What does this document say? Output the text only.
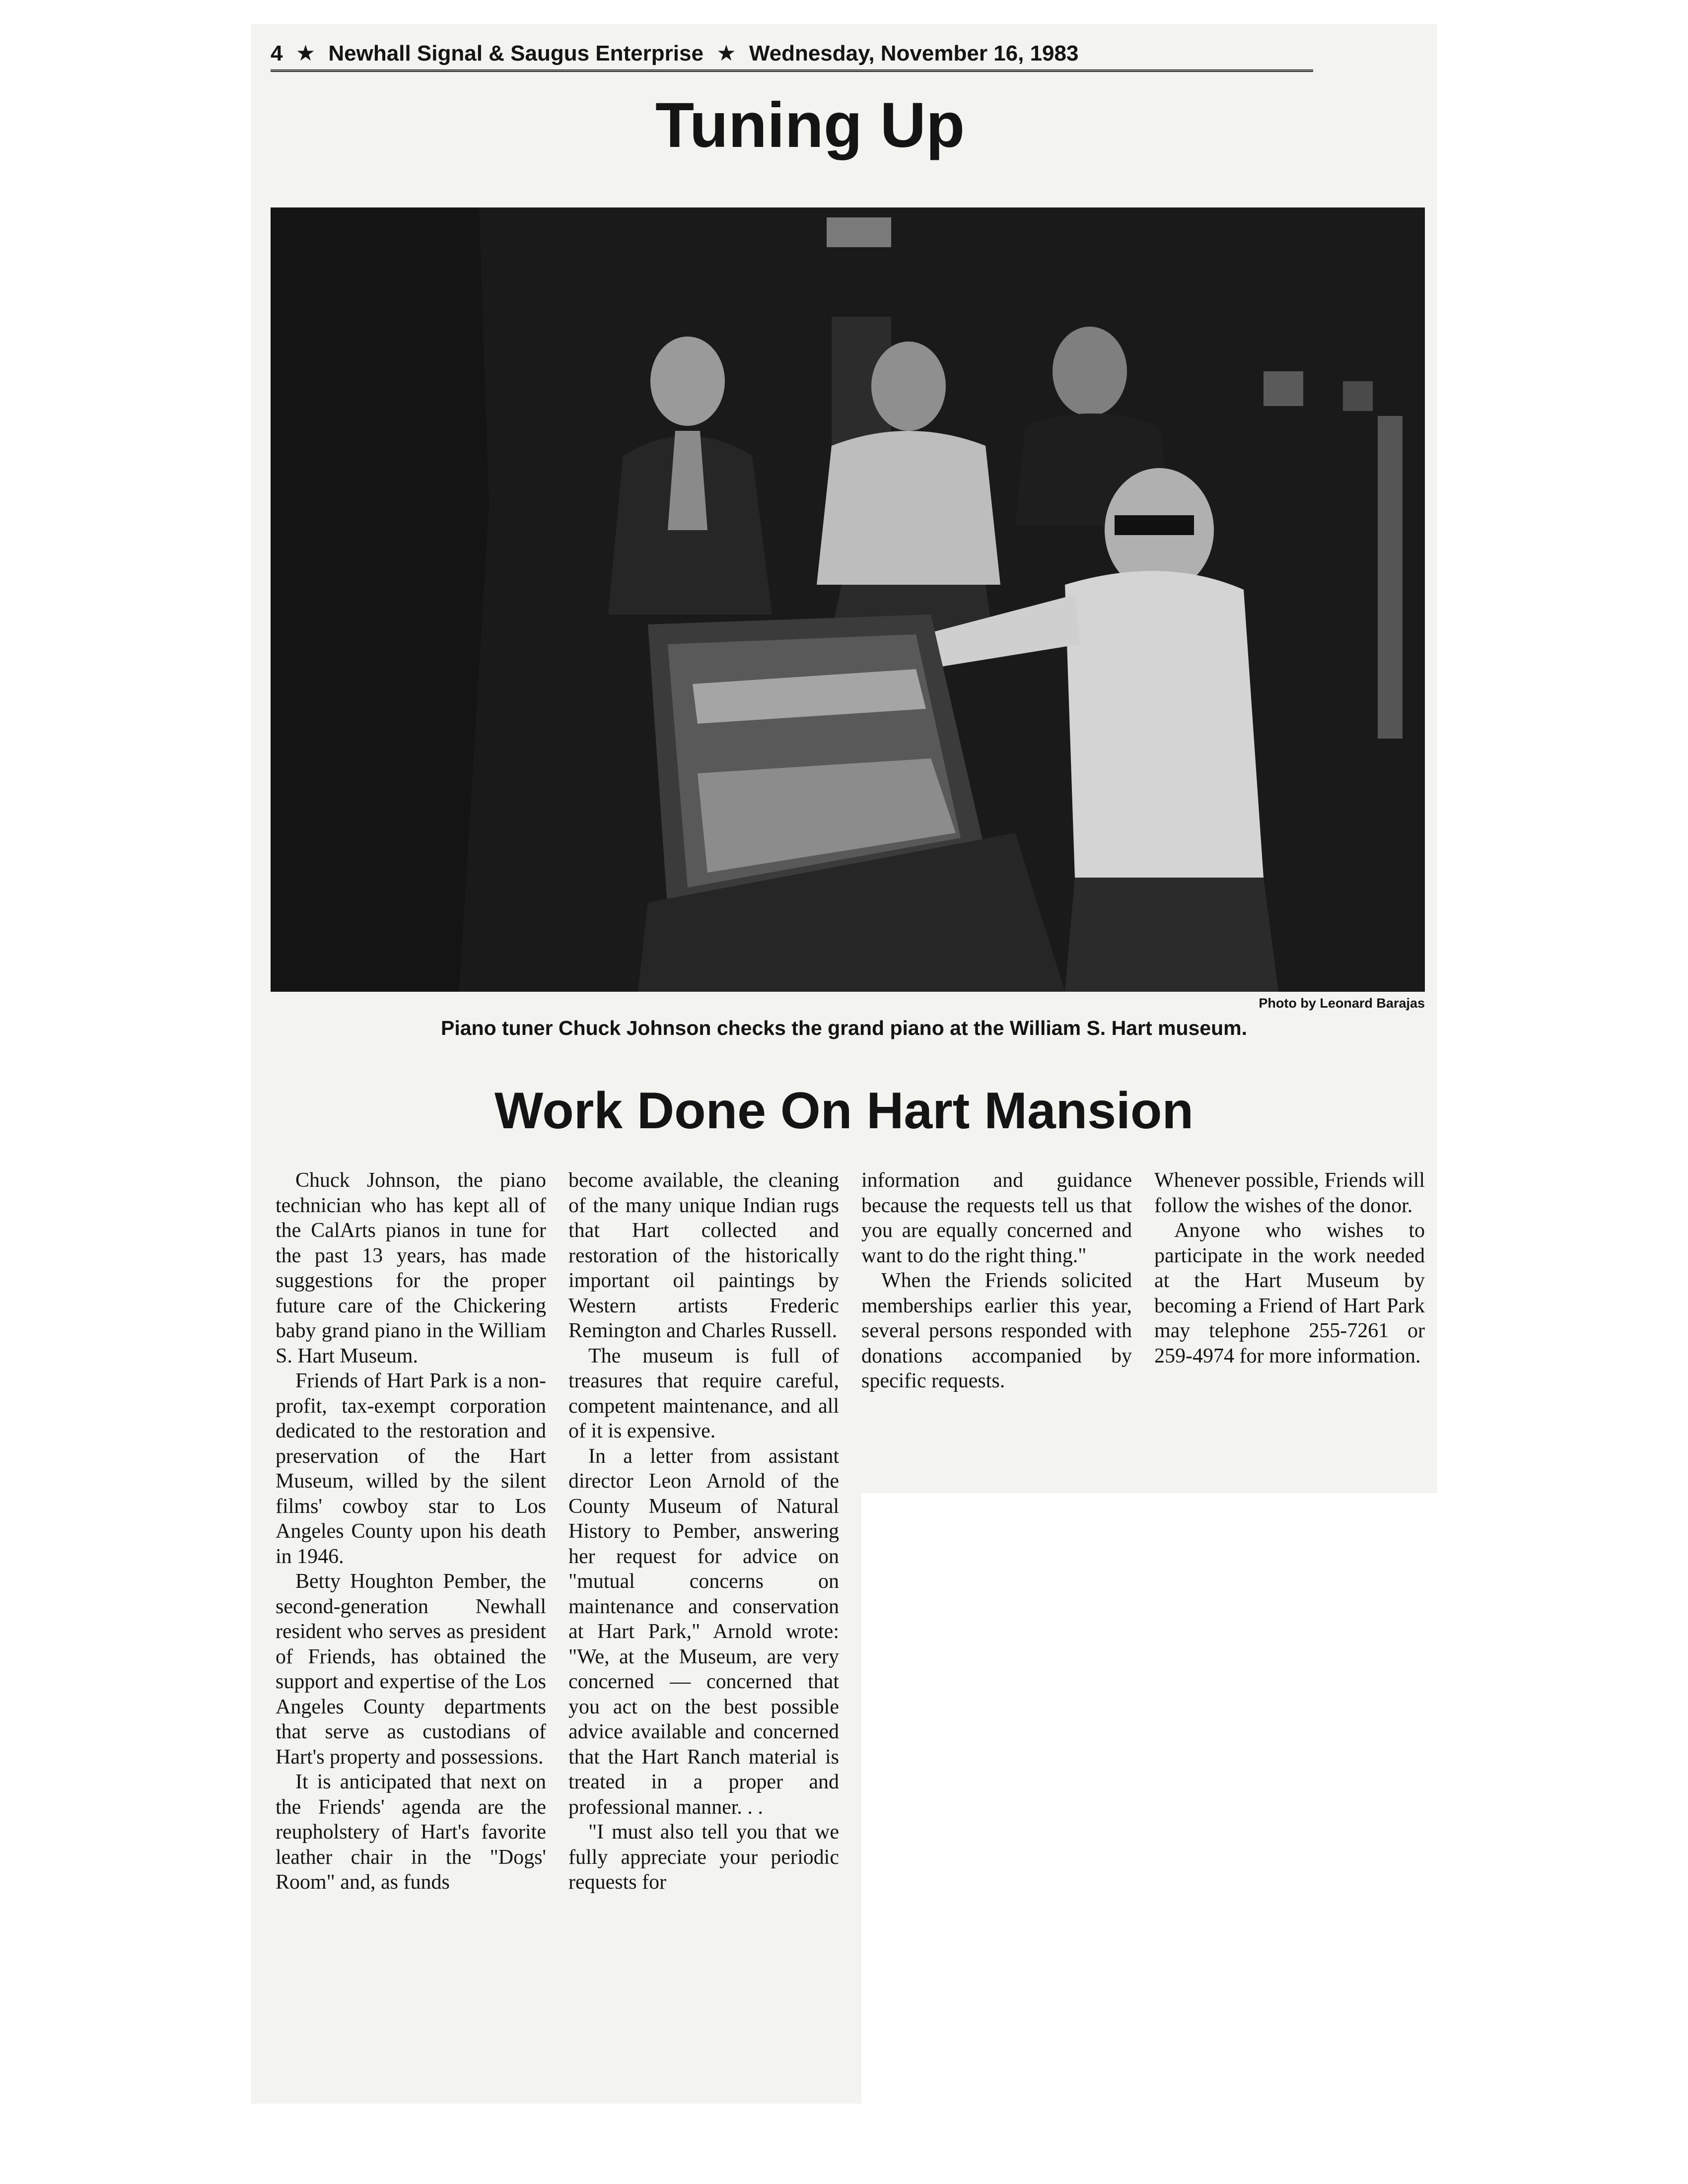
4 ★ Newhall Signal & Saugus Enterprise ★ Wednesday, November 16, 1983
Tuning Up
Photo by Leonard Barajas
Piano tuner Chuck Johnson checks the grand piano at the William S. Hart museum.
Work Done On Hart Mansion

Chuck Johnson, the piano technician who has kept all of the CalArts pianos in tune for the past 13 years, has made suggestions for the proper future care of the Chickering baby grand piano in the William S. Hart Museum.

Friends of Hart Park is a non-profit, tax-exempt corporation dedicated to the restoration and preservation of the Hart Museum, willed by the silent films' cowboy star to Los Angeles County upon his death in 1946.

Betty Houghton Pember, the second-generation Newhall resident who serves as president of Friends, has obtained the support and expertise of the Los Angeles County departments that serve as custodians of Hart's property and possessions.

It is anticipated that next on the Friends' agenda are the reupholstery of Hart's favorite leather chair in the "Dogs' Room" and, as funds

become available, the cleaning of the many unique Indian rugs that Hart collected and restoration of the historically important oil paintings by Western artists Frederic Remington and Charles Russell.

The museum is full of treasures that require careful, competent maintenance, and all of it is expensive.

In a letter from assistant director Leon Arnold of the County Museum of Natural History to Pember, answering her request for advice on "mutual concerns on maintenance and conservation at Hart Park," Arnold wrote: "We, at the Museum, are very concerned — concerned that you act on the best possible advice available and concerned that the Hart Ranch material is treated in a proper and professional manner. . .

"I must also tell you that we fully appreciate your periodic requests for

information and guidance because the requests tell us that you are equally concerned and want to do the right thing."

When the Friends solicited memberships earlier this year, several persons responded with donations accompanied by specific requests.

Whenever possible, Friends will follow the wishes of the donor.

Anyone who wishes to participate in the work needed at the Hart Museum by becoming a Friend of Hart Park may telephone 255-7261 or 259-4974 for more information.
